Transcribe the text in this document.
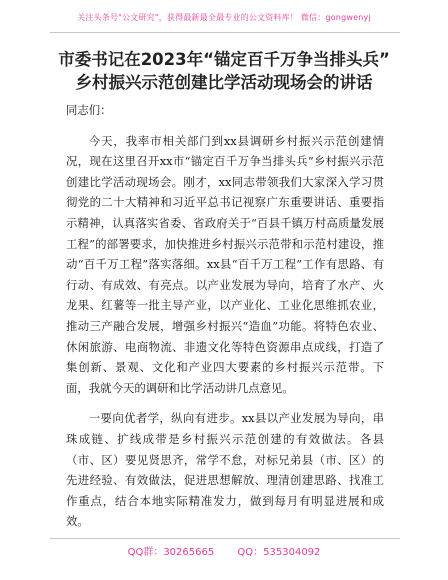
关注头条号"公文研究"，获得最新最全最专业的公文资料库！ 微信：gongwenyj
市委书记在2023年“锚定百千万争当排头兵”
乡村振兴示范创建比学活动现场会的讲话

同志们：

今天，我率市相关部门到xx县调研乡村振兴示范创建情况，现在这里召开xx市“锚定百千万争当排头兵”乡村振兴示范创建比学活动现场会。刚才，xx同志带领我们大家深入学习贯彻党的二十大精神和习近平总书记视察广东重要讲话、重要指示精神，认真落实省委、省政府关于“百县千镇万村高质量发展工程”的部署要求，加快推进乡村振兴示范带和示范村建设，推动“百千万工程”落实落细。xx县“百千万工程”工作有思路、有行动、有成效、有亮点。以产业发展为导向，培育了水产、火龙果、红薯等一批主导产业，以产业化、工业化思维抓农业，推动三产融合发展，增强乡村振兴“造血”功能。将特色农业、休闲旅游、电商物流、非遗文化等特色资源串点成线，打造了集创新、景观、文化和产业四大要素的乡村振兴示范带。下面，我就今天的调研和比学活动讲几点意见。

一要向优者学，纵向有进步。xx县以产业发展为导向，串珠成链、扩线成带是乡村振兴示范创建的有效做法。各县（市、区）要见贤思齐，常学不怠，对标兄弟县（市、区）的先进经验、有效做法，促进思想解放、理清创建思路、找准工作重点，结合本地实际精准发力，做到每月有明显进展和成效。

QQ群：30265665 QQ：535304092
